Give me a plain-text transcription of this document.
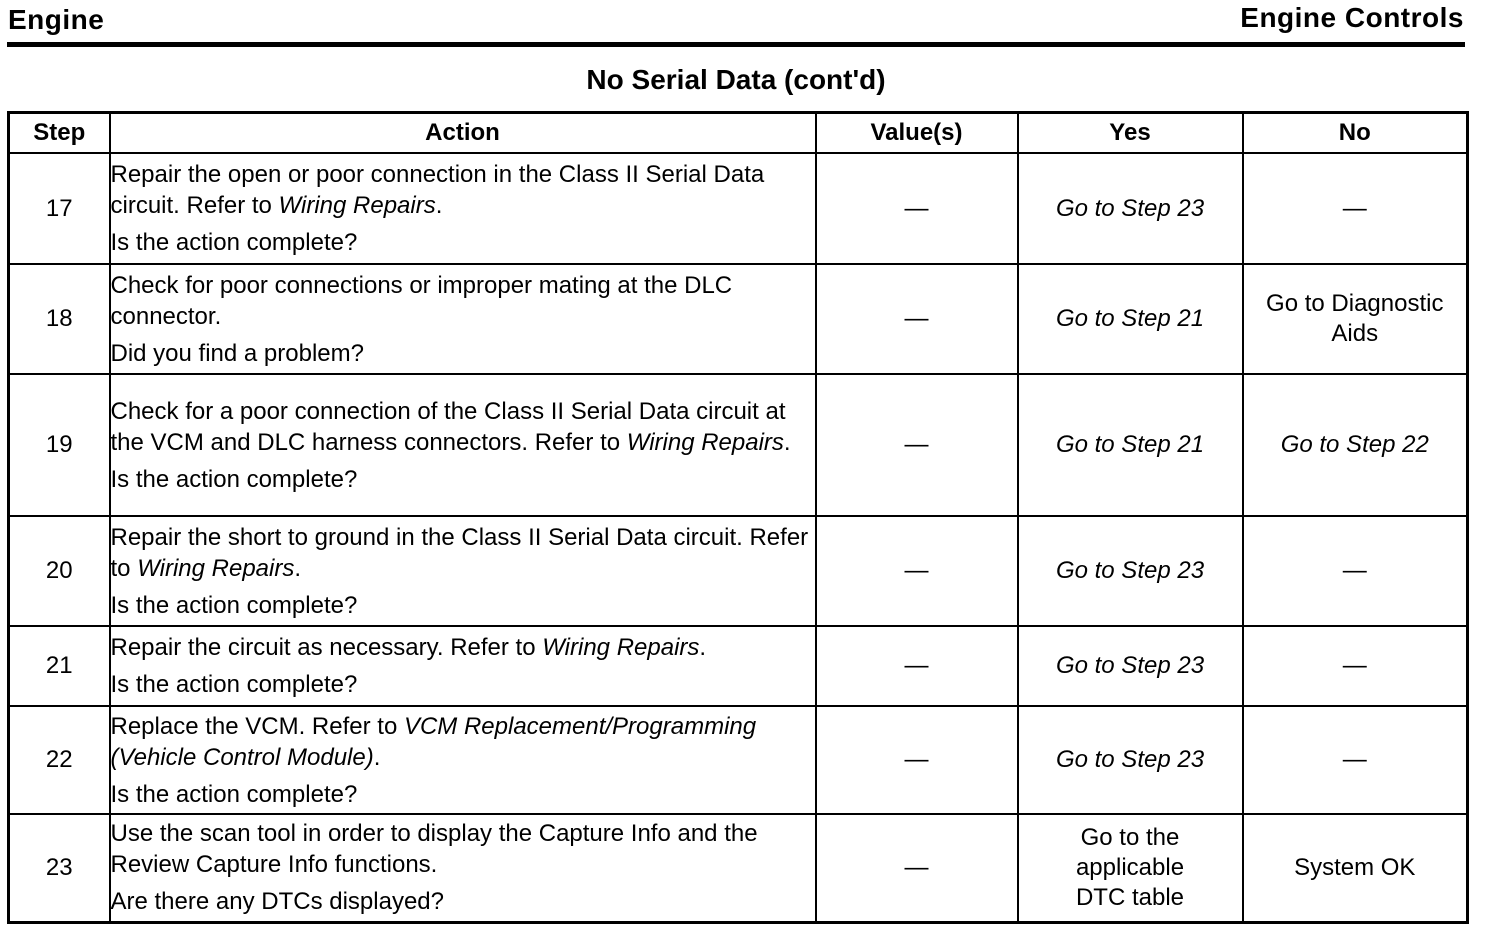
Engine	Engine Controls
No Serial Data (cont'd)
Step	Action	Value(s)	Yes	No
17	Repair the open or poor connection in the Class II Serial Data circuit. Refer to Wiring Repairs.
Is the action complete?	—	Go to Step 23	—
18	Check for poor connections or improper mating at the DLC connector.
Did you find a problem?	—	Go to Step 21	Go to Diagnostic Aids
19	Check for a poor connection of the Class II Serial Data circuit at the VCM and DLC harness connectors. Refer to Wiring Repairs.
Is the action complete?	—	Go to Step 21	Go to Step 22
20	Repair the short to ground in the Class II Serial Data circuit. Refer to Wiring Repairs.
Is the action complete?	—	Go to Step 23	—
21	Repair the circuit as necessary. Refer to Wiring Repairs.
Is the action complete?	—	Go to Step 23	—
22	Replace the VCM. Refer to VCM Replacement/Programming (Vehicle Control Module).
Is the action complete?	—	Go to Step 23	—
23	Use the scan tool in order to display the Capture Info and the Review Capture Info functions.
Are there any DTCs displayed?	—	Go to the applicable DTC table	System OK
